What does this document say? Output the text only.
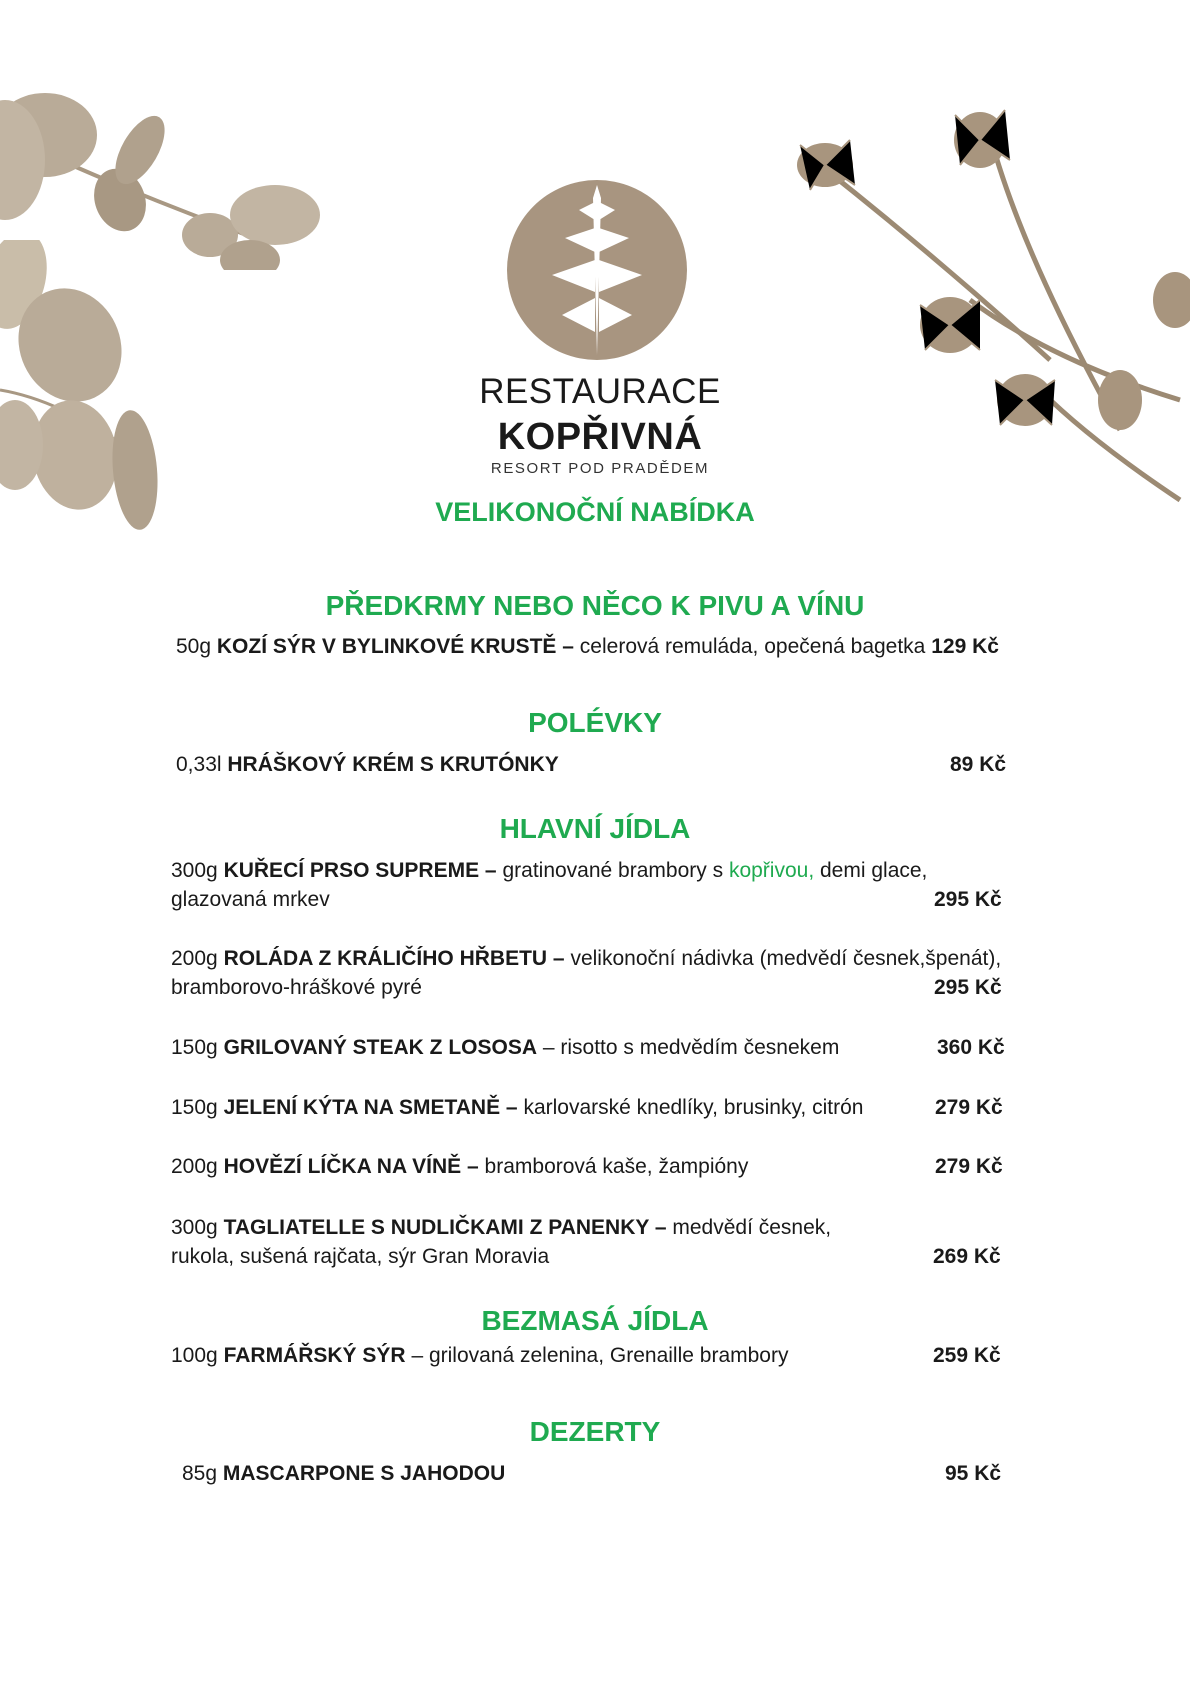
RESTAURACE
KOPŘIVNÁ
RESORT POD PRADĚDEM
VELIKONOČNÍ NABÍDKA
PŘEDKRMY NEBO NĚCO K PIVU A VÍNU
50g KOZÍ SÝR V BYLINKOVÉ KRUSTĚ – celerová remuláda, opečená bagetka 129 Kč
POLÉVKY
0,33l HRÁŠKOVÝ KRÉM S KRUTÓNKY	89 Kč
HLAVNÍ JÍDLA
300g KUŘECÍ PRSO SUPREME – gratinované brambory s kopřivou, demi glace,
glazovaná mrkev	295 Kč
200g ROLÁDA Z KRÁLIČÍHO HŘBETU – velikonoční nádivka (medvědí česnek,špenát),
bramborovo-hráškové pyré	295 Kč
150g GRILOVANÝ STEAK Z LOSOSA – risotto s medvědím česnekem	360 Kč
150g JELENÍ KÝTA NA SMETANĚ – karlovarské knedlíky, brusinky, citrón	279 Kč
200g HOVĚZÍ LÍČKA NA VÍNĚ – bramborová kaše, žampióny	279 Kč
300g TAGLIATELLE S NUDLIČKAMI Z PANENKY – medvědí česnek,
rukola, sušená rajčata, sýr Gran Moravia	269 Kč
BEZMASÁ JÍDLA
100g FARMÁŘSKÝ SÝR – grilovaná zelenina, Grenaille brambory	259 Kč
DEZERTY
85g MASCARPONE S JAHODOU	95 Kč
